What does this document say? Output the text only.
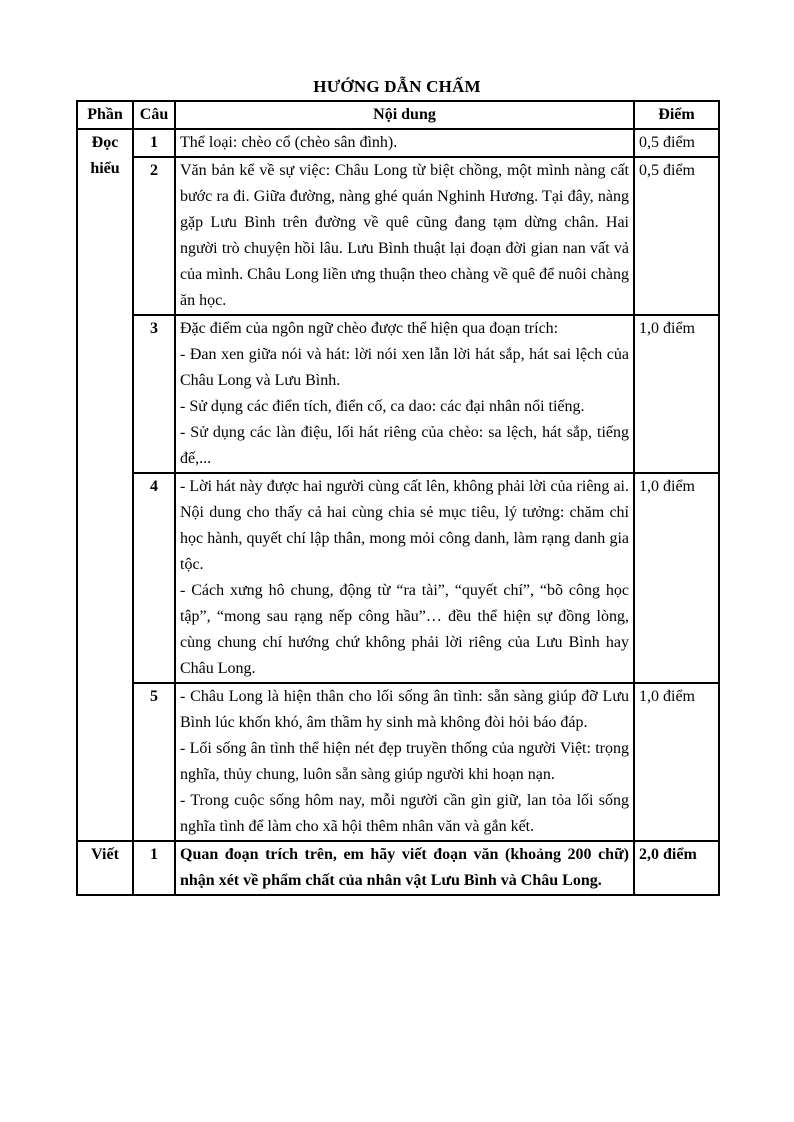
HƯỚNG DẪN CHẤM
Phần	Câu	Nội dung	Điểm
Đọc hiểu	1	Thể loại: chèo cổ (chèo sân đình).	0,5 điểm
	2	Văn bản kể về sự việc: Châu Long từ biệt chồng, một mình nàng cất bước ra đi. Giữa đường, nàng ghé quán Nghinh Hương. Tại đây, nàng gặp Lưu Bình trên đường về quê cũng đang tạm dừng chân. Hai người trò chuyện hồi lâu. Lưu Bình thuật lại đoạn đời gian nan vất vả của mình. Châu Long liền ưng thuận theo chàng về quê để nuôi chàng ăn học.	0,5 điểm
	3	Đặc điểm của ngôn ngữ chèo được thể hiện qua đoạn trích:
- Đan xen giữa nói và hát: lời nói xen lẫn lời hát sắp, hát sai lệch của Châu Long và Lưu Bình.
- Sử dụng các điển tích, điển cố, ca dao: các đại nhân nổi tiếng.
- Sử dụng các làn điệu, lối hát riêng của chèo: sa lệch, hát sắp, tiếng đế,...	1,0 điểm
	4	- Lời hát này được hai người cùng cất lên, không phải lời của riêng ai. Nội dung cho thấy cả hai cùng chia sẻ mục tiêu, lý tưởng: chăm chỉ học hành, quyết chí lập thân, mong mỏi công danh, làm rạng danh gia tộc.
- Cách xưng hô chung, động từ “ra tài”, “quyết chí”, “bõ công học tập”, “mong sau rạng nếp công hầu”… đều thể hiện sự đồng lòng, cùng chung chí hướng chứ không phải lời riêng của Lưu Bình hay Châu Long.	1,0 điểm
	5	- Châu Long là hiện thân cho lối sống ân tình: sẵn sàng giúp đỡ Lưu Bình lúc khốn khó, âm thầm hy sinh mà không đòi hỏi báo đáp.
- Lối sống ân tình thể hiện nét đẹp truyền thống của người Việt: trọng nghĩa, thủy chung, luôn sẵn sàng giúp người khi hoạn nạn.
- Trong cuộc sống hôm nay, mỗi người cần gìn giữ, lan tỏa lối sống nghĩa tình để làm cho xã hội thêm nhân văn và gắn kết.	1,0 điểm
Viết	1	Quan đoạn trích trên, em hãy viết đoạn văn (khoảng 200 chữ) nhận xét về phẩm chất của nhân vật Lưu Bình và Châu Long.	2,0 điểm
